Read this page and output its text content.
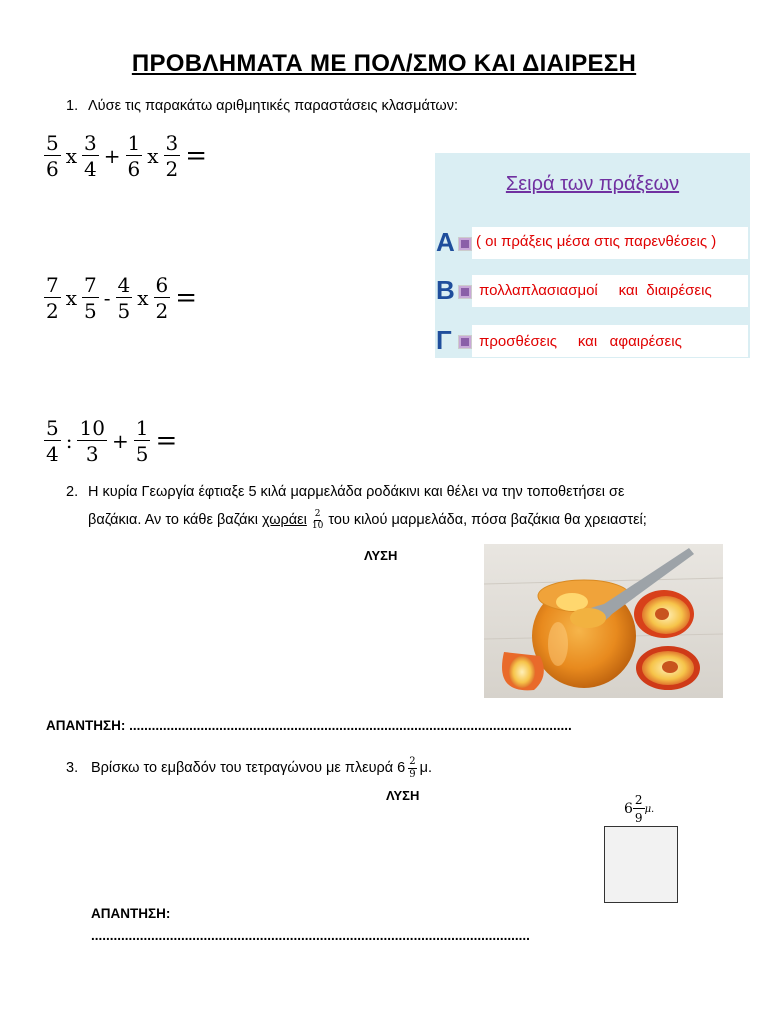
ΠΡΟΒΛΗΜΑΤΑ ΜΕ ΠΟΛ/ΣΜΟ ΚΑΙ ΔΙΑΙΡΕΣΗ
1. Λύσε τις παρακάτω αριθμητικές παραστάσεις κλασμάτων:
$\frac{5}{6}$ x $\frac{3}{4} + \frac{1}{6}$ x $\frac{3}{2}$ =
$\frac{7}{2}$ x $\frac{7}{5} - \frac{4}{5}$ x $\frac{6}{2}$ =
$\frac{5}{4}$ : $\frac{10}{3} + \frac{1}{5}$ =
Σειρά των πράξεων
Α ( οι πράξεις μέσα στις παρενθέσεις )
Β πολλαπλασιασμοί     και  διαιρέσεις
Γ προσθέσεις     και   αφαιρέσεις
2. Η κυρία Γεωργία έφτιαξε 5 κιλά μαρμελάδα ροδάκινι και θέλει να την τοποθετήσει σε
βαζάκια. Αν το κάθε βαζάκι χωράει $\frac{2}{10}$ του κιλού μαρμελάδα, πόσα βαζάκια θα χρειαστεί;
ΛΥΣΗ
ΑΠΑΝΤΗΣΗ: ......................................................................................................................
3. Βρίσκω το εμβαδόν του τετραγώνου με πλευρά 6 2
9 μ.
ΛΥΣΗ
$6 \frac{2}{9} \mu$.
ΑΠΑΝΤΗΣΗ:
.....................................................................................................................
